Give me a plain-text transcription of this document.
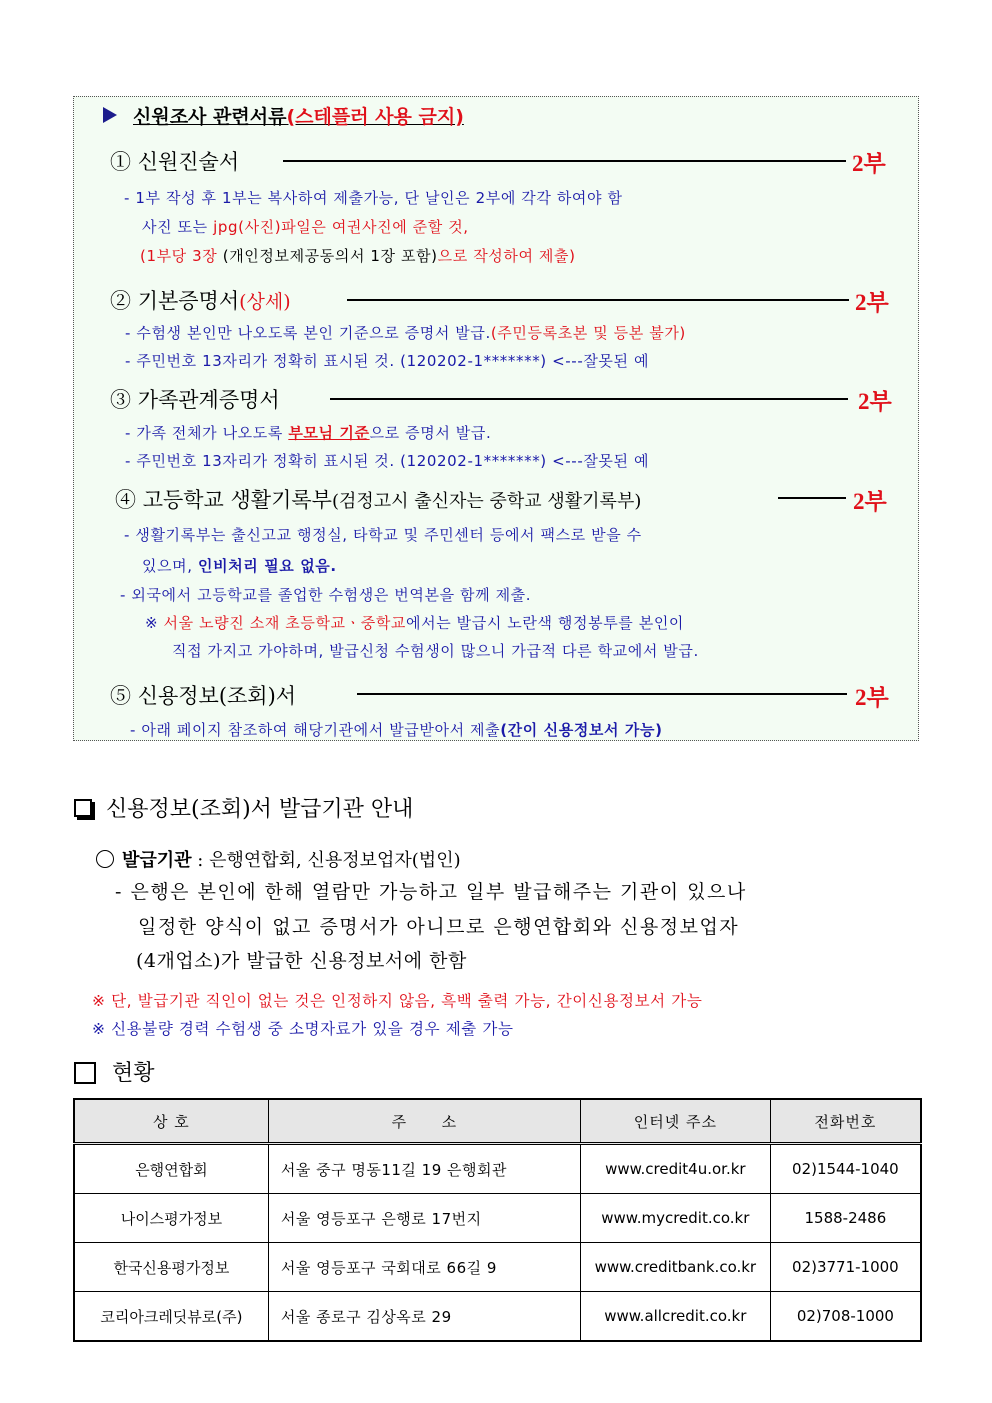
신원조사 관련서류(스테플러 사용 금지)
① 신원진술서	2부
- 1부 작성 후 1부는 복사하여 제출가능, 단 날인은 2부에 각각 하여야 함
사진 또는 jpg(사진)파일은 여권사진에 준할 것,
(1부당 3장 (개인정보제공동의서 1장 포함)으로 작성하여 제출)
② 기본증명서(상세)	2부
- 수험생 본인만 나오도록 본인 기준으로 증명서 발급.(주민등록초본 및 등본 불가)
- 주민번호 13자리가 정확히 표시된 것. (120202-1*******) <---잘못된 예
③ 가족관계증명서	2부
- 가족 전체가 나오도록 부모님 기준으로 증명서 발급.
- 주민번호 13자리가 정확히 표시된 것. (120202-1*******) <---잘못된 예
④ 고등학교 생활기록부(검정고시 출신자는 중학교 생활기록부)	2부
- 생활기록부는 출신고교 행정실, 타학교 및 주민센터 등에서 팩스로 받을 수
있으며, 인비처리 필요 없음.
- 외국에서 고등학교를 졸업한 수험생은 번역본을 함께 제출.
※ 서울 노량진 소재 초등학교ㆍ중학교에서는 발급시 노란색 행정봉투를 본인이
직접 가지고 가야하며, 발급신청 수험생이 많으니 가급적 다른 학교에서 발급.
⑤ 신용정보(조회)서	2부
- 아래 페이지 참조하여 해당기관에서 발급받아서 제출(간이 신용정보서 가능)
신용정보(조회)서 발급기관 안내
발급기관 : 은행연합회, 신용정보업자(법인)
- 은행은 본인에 한해 열람만 가능하고 일부 발급해주는 기관이 있으나
일정한 양식이 없고 증명서가 아니므로 은행연합회와 신용정보업자
(4개업소)가 발급한 신용정보서에 한함
※ 단, 발급기관 직인이 없는 것은 인정하지 않음, 흑백 출력 가능, 간이신용정보서 가능
※ 신용불량 경력 수험생 중 소명자료가 있을 경우 제출 가능
현황
상 호	주      소	인터넷 주소	전화번호
은행연합회	서울 중구 명동11길 19 은행회관	www.credit4u.or.kr	02)1544-1040
나이스평가정보	서울 영등포구 은행로 17번지	www.mycredit.co.kr	1588-2486
한국신용평가정보	서울 영등포구 국회대로 66길 9	www.creditbank.co.kr	02)3771-1000
코리아크레딧뷰로(주)	서울 종로구 김상옥로 29	www.allcredit.co.kr	02)708-1000
